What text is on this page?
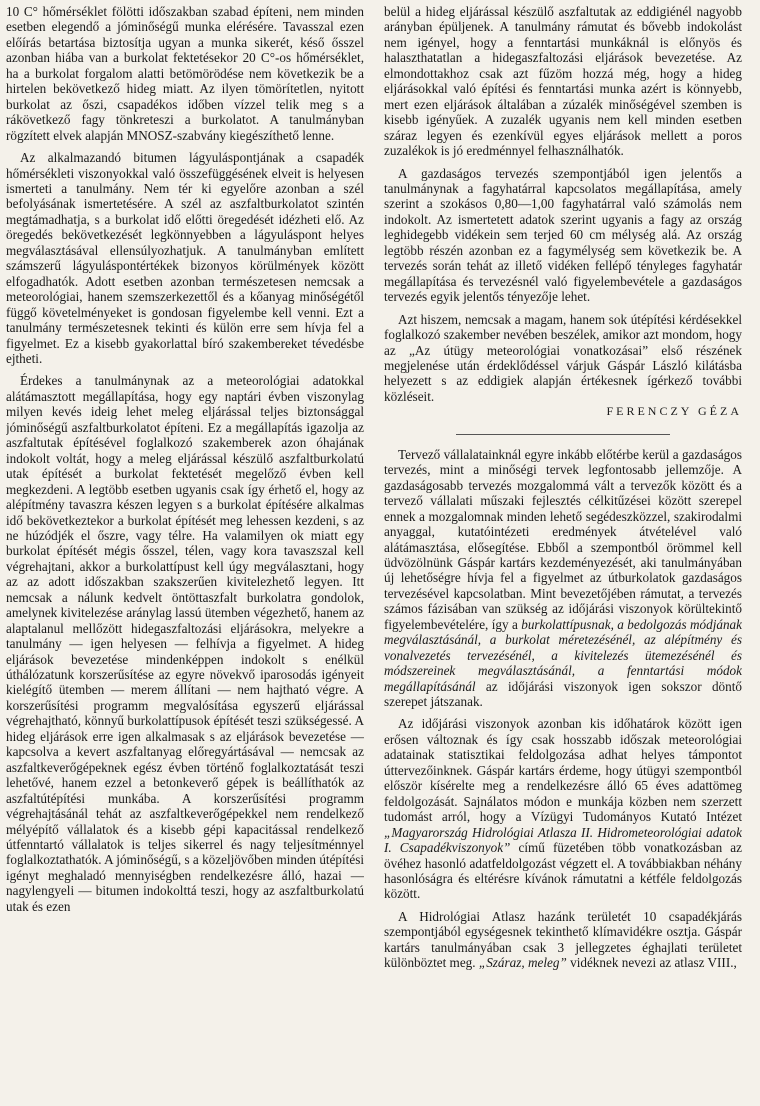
10 C° hőmérséklet fölötti időszakban szabad építeni, nem minden esetben elegendő a jóminőségű munka elérésére. Tavasszal ezen előírás betartása biztosítja ugyan a munka sikerét, késő ősszel azonban hiába van a burkolat fektetésekor 20 C°-os hőmérséklet, ha a burkolat forgalom alatti betömörödése nem következik be a hirtelen bekövetkező hideg miatt. Az ilyen tömörítetlen, nyitott burkolat az őszi, csapadékos időben vízzel telik meg s a rákövetkező fagy tönkreteszi a burkolatot. A tanulmányban rögzített elvek alapján MNOSZ-szabvány kiegészíthető lenne.

Az alkalmazandó bitumen lágyuláspontjának a csapadék hőmérsékleti viszonyokkal való összefüggésének elveit is helyesen ismerteti a tanulmány. Nem tér ki egyelőre azonban a szél befolyásának ismertetésére. A szél az aszfaltburkolatot szintén megtámadhatja, s a burkolat idő előtti öregedését idézheti elő. Az öregedés bekövetkezését legkönnyebben a lágyuláspont helyes megválasztásával ellensúlyozhatjuk. A tanulmányban említett számszerű lágyuláspontértékek bizonyos körülmények között elfogadhatók. Adott esetben azonban természetesen nemcsak a meteorológiai, hanem szemszerkezettől és a kőanyag minőségétől függő követelményeket is gondosan figyelembe kell venni. Ezt a tanulmány természetesnek tekinti és külön erre sem hívja fel a figyelmet. Ez a kisebb gyakorlattal bíró szakembereket tévedésbe ejtheti.

Érdekes a tanulmánynak az a meteorológiai adatokkal alátámasztott megállapítása, hogy egy naptári évben viszonylag milyen kevés ideig lehet meleg eljárással teljes biztonsággal jóminőségű aszfaltburkolatot építeni. Ez a megállapítás igazolja az aszfaltutak építésével foglalkozó szakemberek azon óhajának indokolt voltát, hogy a meleg eljárással készülő aszfaltburkolatú utak építését a burkolat fektetését megelőző évben kell megkezdeni. A legtöbb esetben ugyanis csak így érhető el, hogy az alépítmény tavaszra készen legyen s a burkolat építésére alkalmas idő bekövetkeztekor a burkolat építését meg lehessen kezdeni, s az ne húzódjék el őszre, vagy télre. Ha valamilyen ok miatt egy burkolat építését mégis ősszel, télen, vagy kora tavaszszal kell végrehajtani, akkor a burkolattípust kell úgy megválasztani, hogy az az adott időszakban szakszerűen kivitelezhető legyen. Itt nemcsak a nálunk kedvelt öntöttaszfalt burkolatra gondolok, amelynek kivitelezése aránylag lassú ütemben végezhető, hanem az alaptalanul mellőzött hidegaszfaltozási eljárásokra, melyekre a tanulmány — igen helyesen — felhívja a figyelmet. A hideg eljárások bevezetése mindenképpen indokolt s enélkül úthálózatunk korszerűsítése az egyre növekvő iparosodás igényeit kielégítő ütemben — merem állítani — nem hajtható végre. A korszerűsítési programm megvalósítása egyszerű eljárással végrehajtható, könnyű burkolattípusok építését teszi szükségessé. A hideg eljárások erre igen alkalmasak s az eljárások bevezetése — kapcsolva a kevert aszfaltanyag előregyártásával — nemcsak az aszfaltkeverőgépeknek egész évben történő foglalkoztatását teszi lehetővé, hanem ezzel a betonkeverő gépek is beállíthatók az aszfaltútépítési munkába. A korszerűsítési programm végrehajtásánál tehát az aszfaltkeverőgépekkel nem rendelkező mélyépítő vállalatok és a kisebb gépi kapacitással rendelkező útfenntartó vállalatok is teljes sikerrel és nagy teljesítménnyel foglalkoztathatók. A jóminőségű, s a közeljövőben minden útépítési igényt meghaladó mennyiségben rendelkezésre álló, hazai — nagylengyeli — bitumen indokolttá teszi, hogy az aszfaltburkolatú utak és ezen

belül a hideg eljárással készülő aszfaltutak az eddigiénél nagyobb arányban épüljenek. A tanulmány rámutat és bővebb indokolást nem igényel, hogy a fenntartási munkáknál is előnyös és halaszthatatlan a hidegaszfaltozási eljárások bevezetése. Az elmondottakhoz csak azt fűzöm hozzá még, hogy a hideg eljárásokkal való építési és fenntartási munka azért is könnyebb, mert ezen eljárások általában a zúzalék minőségével szemben is kisebb igényűek. A zuzalék ugyanis nem kell minden esetben száraz legyen és ezenkívül egyes eljárások mellett a poros zuzalékok is jó eredménnyel felhasználhatók.

A gazdaságos tervezés szempontjából igen jelentős a tanulmánynak a fagyhatárral kapcsolatos megállapítása, amely szerint a szokásos 0,80—1,00 fagyhatárral való számolás nem indokolt. Az ismertetett adatok szerint ugyanis a fagy az ország leghidegebb vidékein sem terjed 60 cm mélység alá. Az ország legtöbb részén azonban ez a fagymélység sem következik be. A tervezés során tehát az illető vidéken fellépő tényleges fagyhatár megállapítása és tervezésnél való figyelembevétele a gazdaságos tervezés egyik jelentős tényezője lehet.

Azt hiszem, nemcsak a magam, hanem sok útépítési kérdésekkel foglalkozó szakember nevében beszélek, amikor azt mondom, hogy az „Az útügy meteorológiai vonatkozásai” első részének megjelenése után érdeklődéssel várjuk Gáspár László kilátásba helyezett s az eddigiek alapján értékesnek ígérkező további közléseit.

FERENCZY GÉZA

Tervező vállalatainknál egyre inkább előtérbe kerül a gazdaságos tervezés, mint a minőségi tervek legfontosabb jellemzője. A gazdaságosabb tervezés mozgalommá vált a tervezők között és a tervező vállalati műszaki fejlesztés célkitűzései között szerepel ennek a mozgalomnak minden lehető segédeszközzel, szakirodalmi anyaggal, kutatóintézeti eredmények átvételével való alátámasztása, elősegítése. Ebből a szempontból örömmel kell üdvözölnünk Gáspár kartárs kezdeményezését, aki tanulmányában új lehetőségre hívja fel a figyelmet az útburkolatok gazdaságos tervezésével kapcsolatban. Mint bevezetőjében rámutat, a tervezés számos fázisában van szükség az időjárási viszonyok körültekintő figyelembevételére, így a burkolattípusnak, a bedolgozás módjának megválasztásánál, a burkolat méretezésénél, az alépítmény és vonalvezetés tervezésénél, a kivitelezés ütemezésénél és módszereinek megválasztásánál, a fenntartási módok megállapításánál az időjárási viszonyok igen sokszor döntő szerepet játszanak.

Az időjárási viszonyok azonban kis időhatárok között igen erősen változnak és így csak hosszabb időszak meteorológiai adatainak statisztikai feldolgozása adhat helyes támpontot úttervezőinknek. Gáspár kartárs érdeme, hogy útügyi szempontból először kísérelte meg a rendelkezésre álló 65 éves adattömeg feldolgozását. Sajnálatos módon e munkája közben nem szerzett tudomást arról, hogy a Vízügyi Tudományos Kutató Intézet „Magyarország Hidrológiai Atlasza II. Hidrometeorológiai adatok I. Csapadékviszonyok” című füzetében több vonatkozásban az övéhez hasonló adatfeldolgozást végzett el. A továbbiakban néhány hasonlóságra és eltérésre kívánok rámutatni a kétféle feldolgozás között.

A Hidrológiai Atlasz hazánk területét 10 csapadékjárás szempontjából egységesnek tekinthető klímavidékre osztja. Gáspár kartárs tanulmányában csak 3 jellegzetes éghajlati területet különböztet meg. „Száraz, meleg” vidéknek nevezi az atlasz VIII.,
